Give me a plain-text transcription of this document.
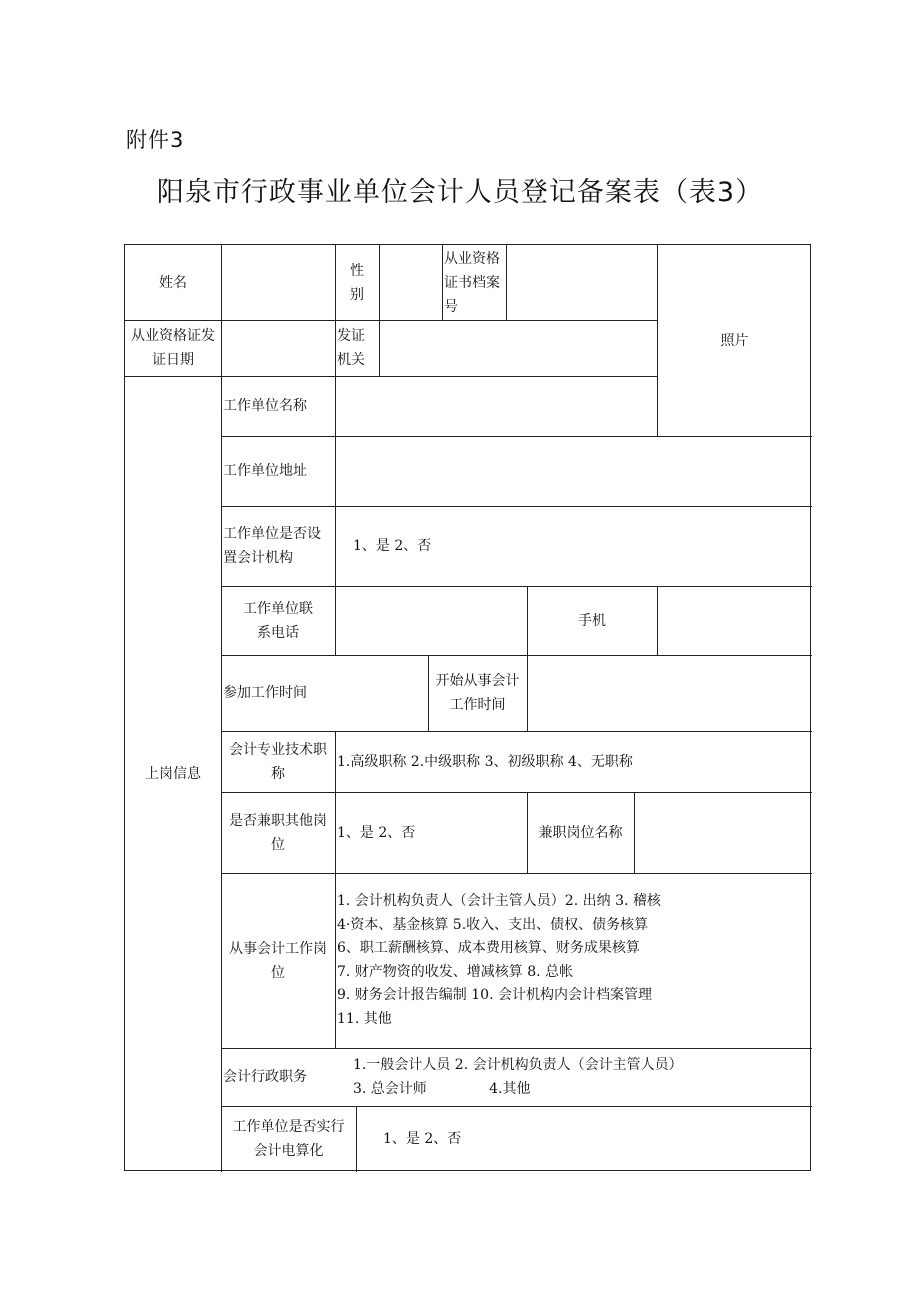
附件3
阳泉市行政事业单位会计人员登记备案表（表3）
姓名
性
别
从业资格
证书档案
号
照片
从业资格证发
证日期
发证
机关
上岗信息
工作单位名称
工作单位地址
工作单位是否设
置会计机构
1、是 2、否
工作单位联
系电话
手机
参加工作时间
开始从事会计
工作时间
会计专业技术职
称
1.高级职称 2.中级职称 3、初级职称 4、无职称
是否兼职其他岗
位
1、是 2、否	兼职岗位名称
从事会计工作岗
位
1. 会计机构负责人（会计主管人员）2. 出纳 3. 稽核
4·资本、基金核算 5.收入、支出、债权、债务核算
6、职工薪酬核算、成本费用核算、财务成果核算
7. 财产物资的收发、增减核算 8. 总帐
9. 财务会计报告编制 10. 会计机构内会计档案管理
11. 其他
会计行政职务
1.一般会计人员 2. 会计机构负责人（会计主管人员）
3. 总会计师              4.其他
工作单位是否实行
会计电算化
1、是 2、否
